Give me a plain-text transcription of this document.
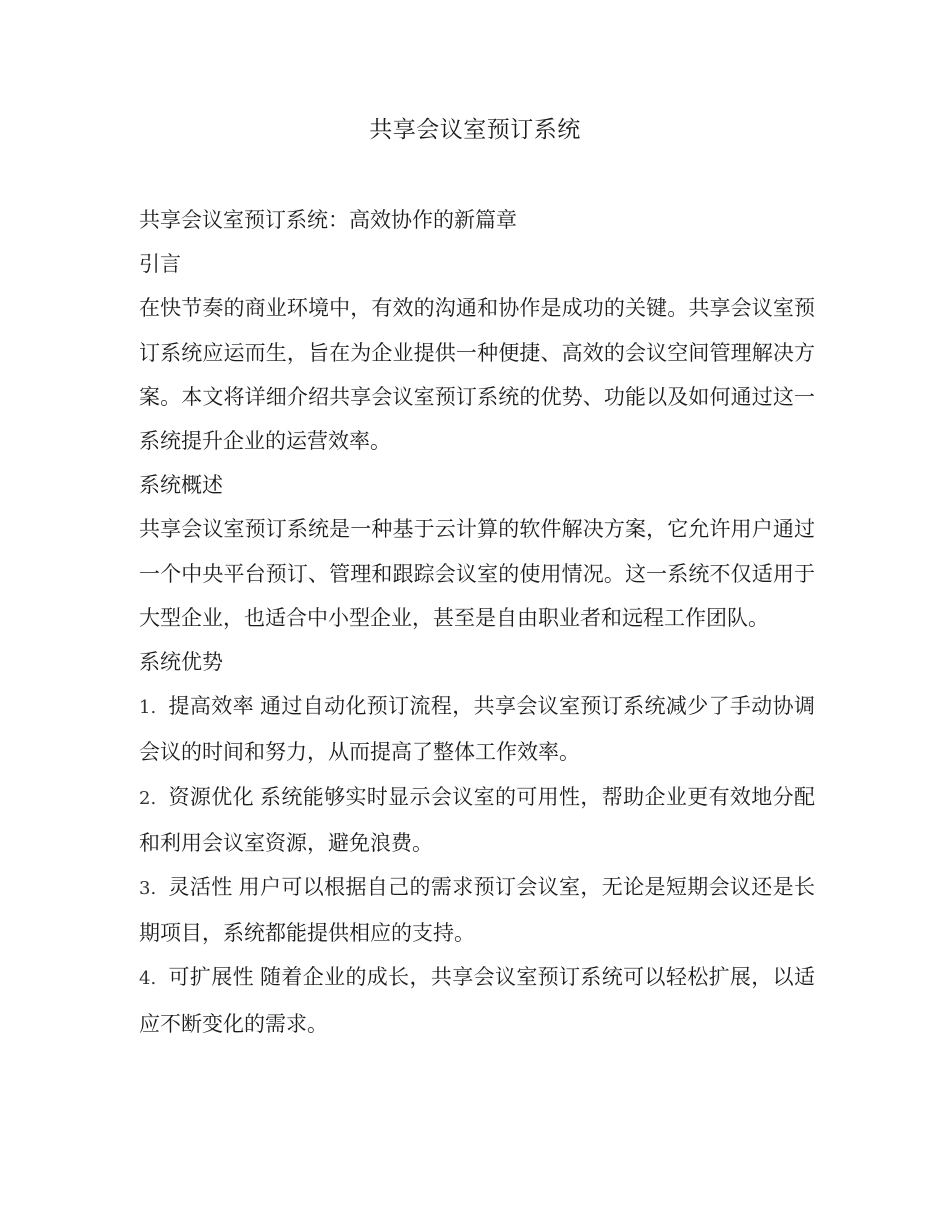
共享会议室预订系统
共享会议室预订系统：高效协作的新篇章
引言

在快节奏的商业环境中，有效的沟通和协作是成功的关键。共享会议室预订系统应运而生，旨在为企业提供一种便捷、高效的会议空间管理解决方案。本文将详细介绍共享会议室预订系统的优势、功能以及如何通过这一系统提升企业的运营效率。

系统概述

共享会议室预订系统是一种基于云计算的软件解决方案，它允许用户通过一个中央平台预订、管理和跟踪会议室的使用情况。这一系统不仅适用于大型企业，也适合中小型企业，甚至是自由职业者和远程工作团队。

系统优势

1. 提高效率 通过自动化预订流程，共享会议室预订系统减少了手动协调会议的时间和努力，从而提高了整体工作效率。

2. 资源优化 系统能够实时显示会议室的可用性，帮助企业更有效地分配和利用会议室资源，避免浪费。

3. 灵活性 用户可以根据自己的需求预订会议室，无论是短期会议还是长期项目，系统都能提供相应的支持。

4. 可扩展性 随着企业的成长，共享会议室预订系统可以轻松扩展，以适应不断变化的需求。
